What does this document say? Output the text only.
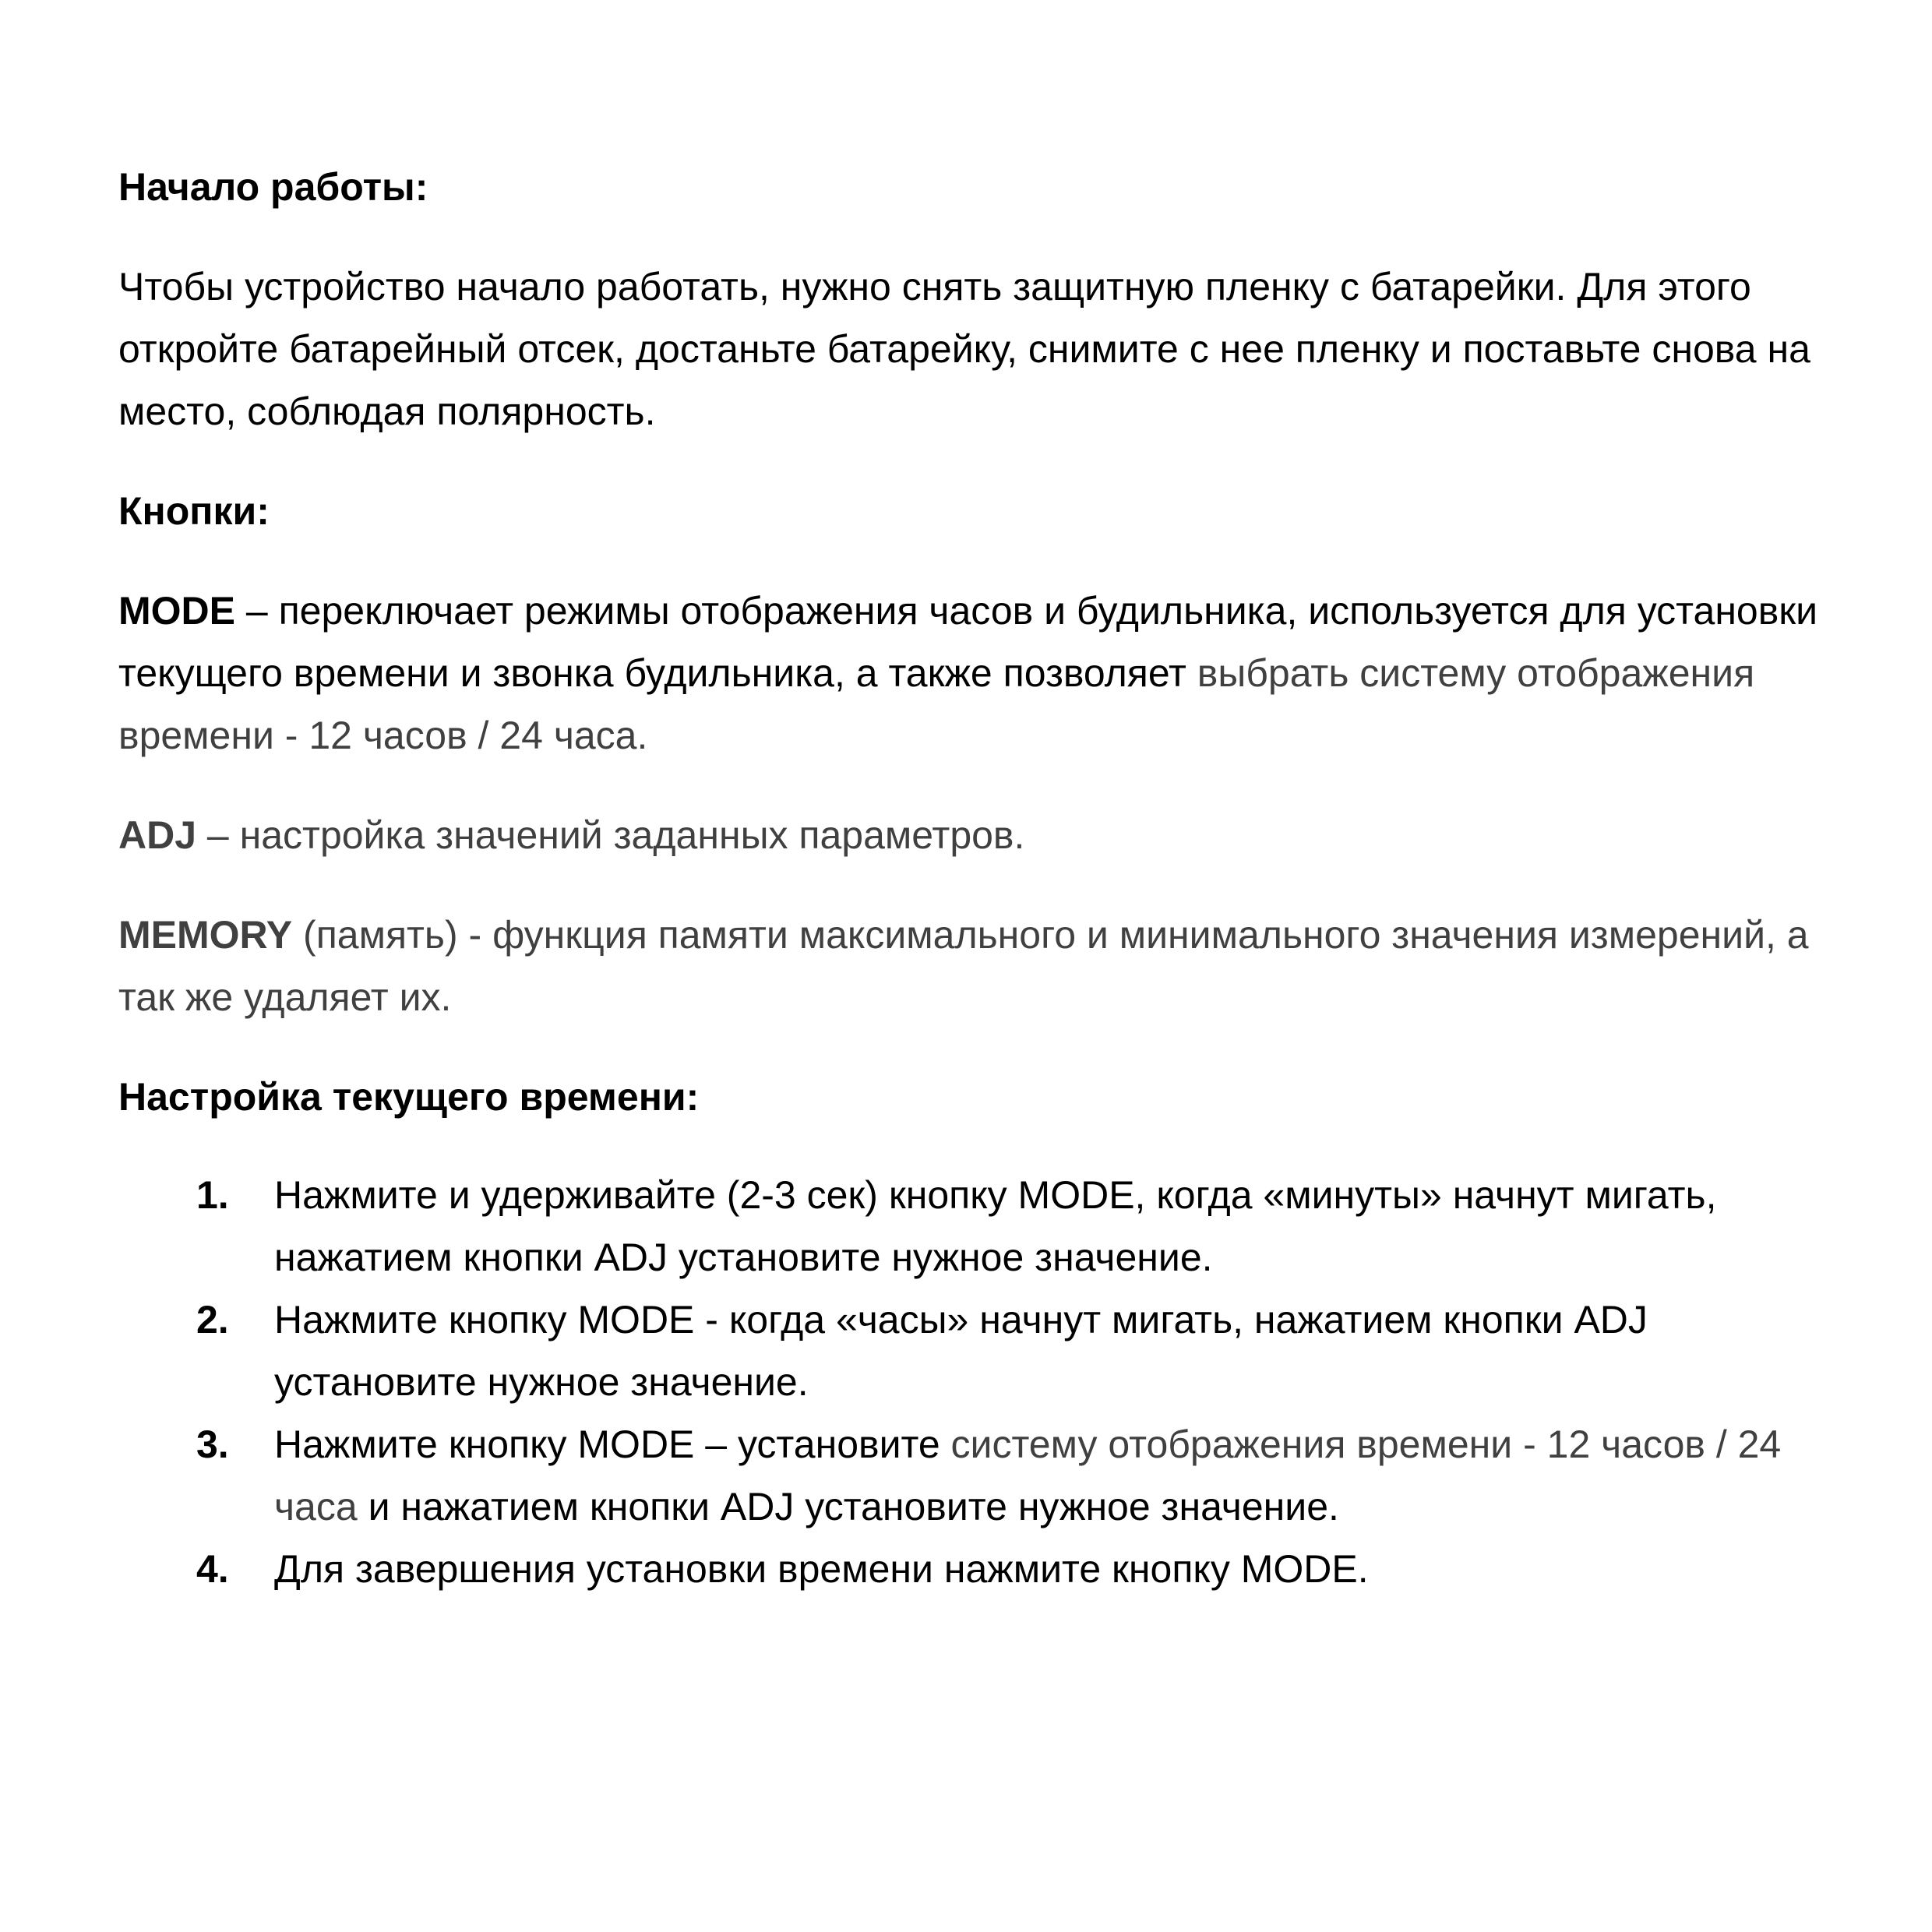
Начало работы:

Чтобы устройство начало работать, нужно снять защитную пленку с батарейки. Для этого откройте батарейный отсек, достаньте батарейку, снимите с нее пленку и поставьте снова на место, соблюдая полярность.

Кнопки:

MODE – переключает режимы отображения часов и будильника, используется для установки текущего времени и звонка будильника, а также позволяет выбрать систему отображения времени - 12 часов / 24 часа.

ADJ – настройка значений заданных параметров.

MEMORY (память) - функция памяти максимального и минимального значения измерений, а так же удаляет их.

Настройка текущего времени:

1. Нажмите и удерживайте (2-3 сек) кнопку MODE, когда «минуты» начнут мигать, нажатием кнопки ADJ установите нужное значение.
2. Нажмите кнопку MODE - когда «часы» начнут мигать, нажатием кнопки ADJ установите нужное значение.
3. Нажмите кнопку MODE – установите систему отображения времени - 12 часов / 24 часа и нажатием кнопки ADJ установите нужное значение.
4. Для завершения установки времени нажмите кнопку MODE.
